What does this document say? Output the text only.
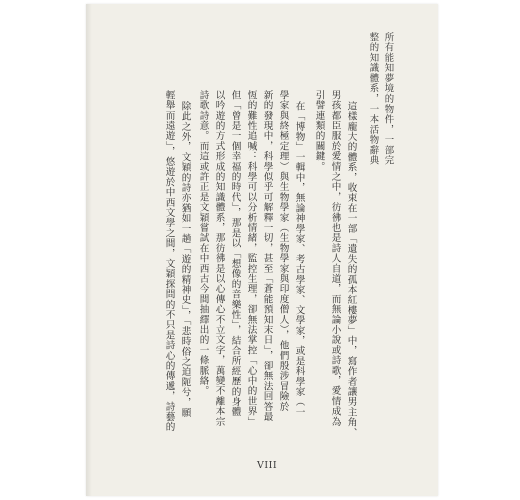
所有能知夢境的物件，一部完
整的知識體系，一本活物辭典
這樣龐大的體系，收束在一部「遺失的孤本紅樓夢」中，寫作者讓男主角、
男孩都臣服於愛情之中，彷彿也是詩人自道，而無論小說或詩歌，愛情成為
引譬連類的關鍵。
在「博物」一輯中，無論神學家、考古學家、文學家，或是科學家（一
學家與終極定理）與生物學家（生物學家與印度僧人），他們殷涉冒險於
新的發現中，科學似乎可解釋一切，甚至「蒼能預知末日」，卻無法回答最
恆的難性追喊：科學可以分析情緒，監控生理，卻無法掌控「心中的世界」
但「曾是一個幸福的時代」，那是以「想像的音樂性」，結合所經歷的身體
以吟遊的方式形成的知識體系，那彷彿是以心傳心不立文字，萬變不離本宗
詩歌詩意。而這或許正是文穎嘗試在中西古今間抽繹出的一條脈絡。
除此之外，文穎的詩亦猶如一趟「遊的精神史」，「悲時俗之迫阨兮，願
輕舉而遠遊」，悠遊於中西文學之間，文穎探問的不只是詩心的傳遞，詩藝的
VIII
